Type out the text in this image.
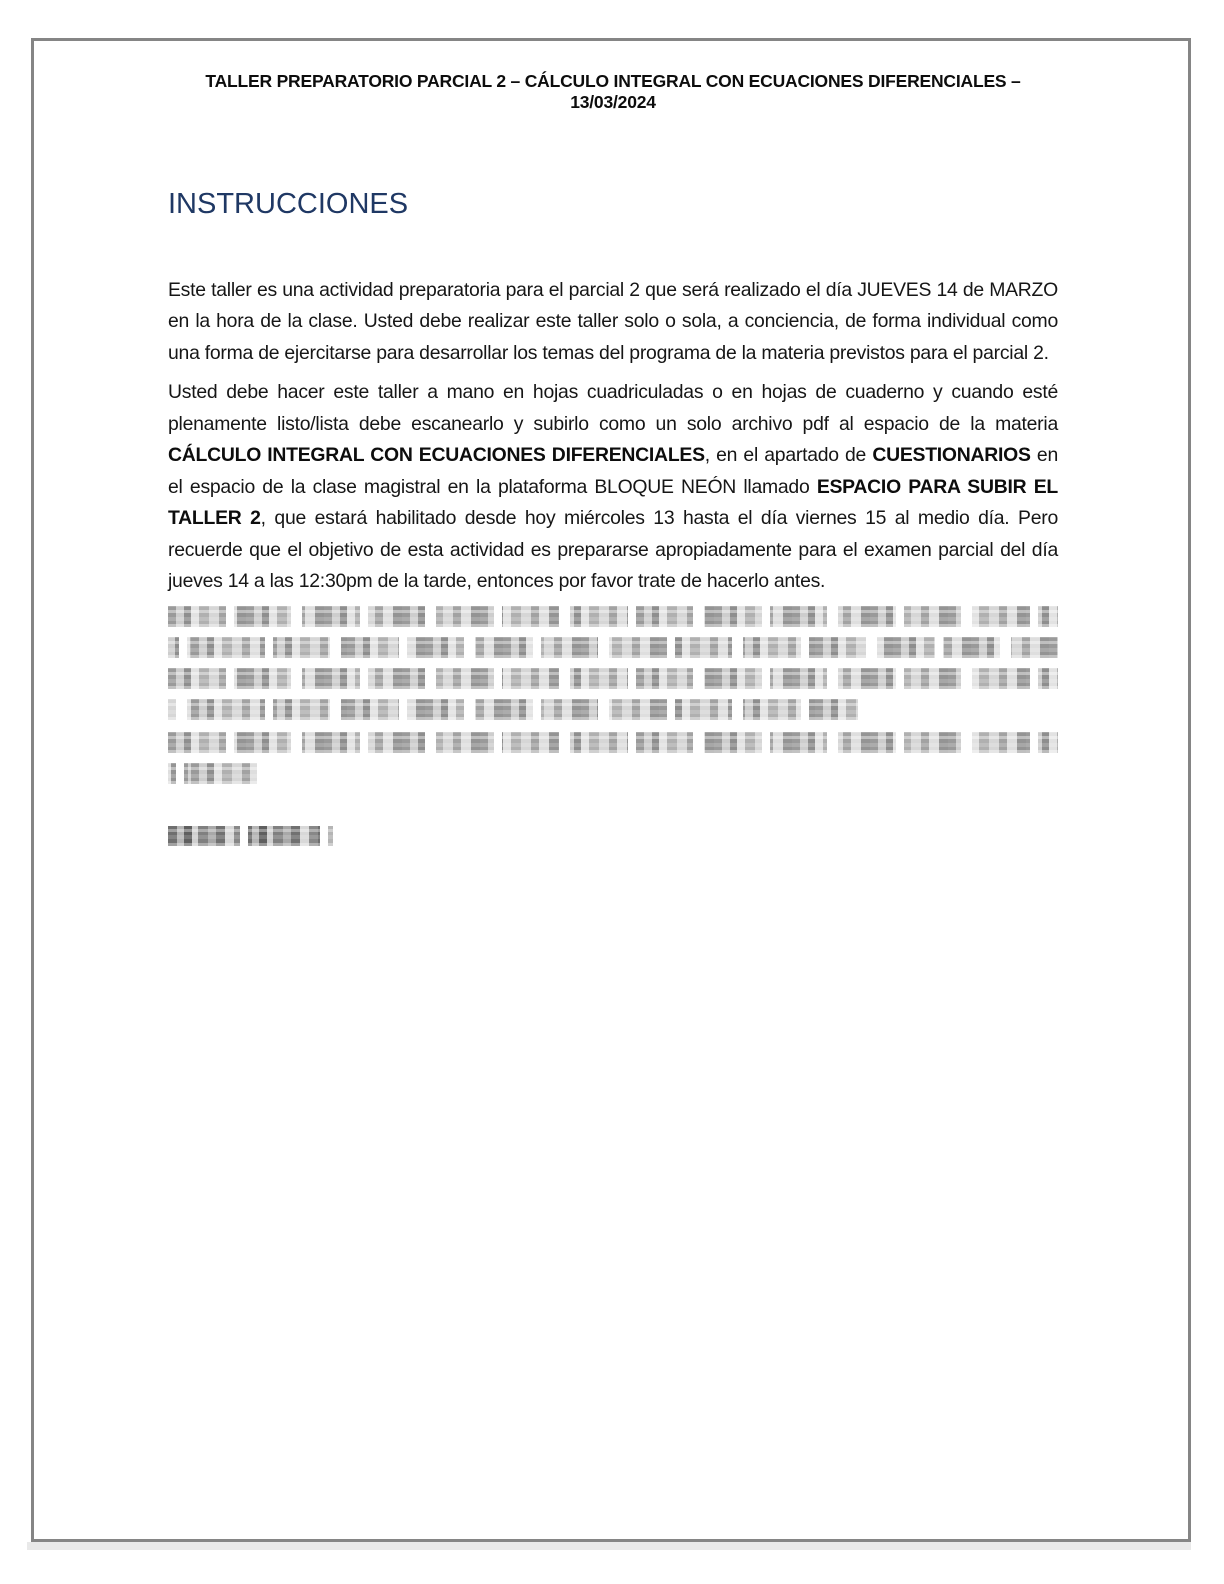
TALLER PREPARATORIO PARCIAL 2 – CÁLCULO INTEGRAL CON ECUACIONES DIFERENCIALES – 13/03/2024
INSTRUCCIONES

Este taller es una actividad preparatoria para el parcial 2 que será realizado el día JUEVES 14 de MARZO en la hora de la clase. Usted debe realizar este taller solo o sola, a conciencia, de forma individual como una forma de ejercitarse para desarrollar los temas del programa de la materia previstos para el parcial 2.

Usted debe hacer este taller a mano en hojas cuadriculadas o en hojas de cuaderno y cuando esté plenamente listo/lista debe escanearlo y subirlo como un solo archivo pdf al espacio de la materia CÁLCULO INTEGRAL CON ECUACIONES DIFERENCIALES, en el apartado de CUESTIONARIOS en el espacio de la clase magistral en la plataforma BLOQUE NEÓN llamado ESPACIO PARA SUBIR EL TALLER 2, que estará habilitado desde hoy miércoles 13 hasta el día viernes 15 al medio día. Pero recuerde que el objetivo de esta actividad es prepararse apropiadamente para el examen parcial del día jueves 14 a las 12:30pm de la tarde, entonces por favor trate de hacerlo antes.
